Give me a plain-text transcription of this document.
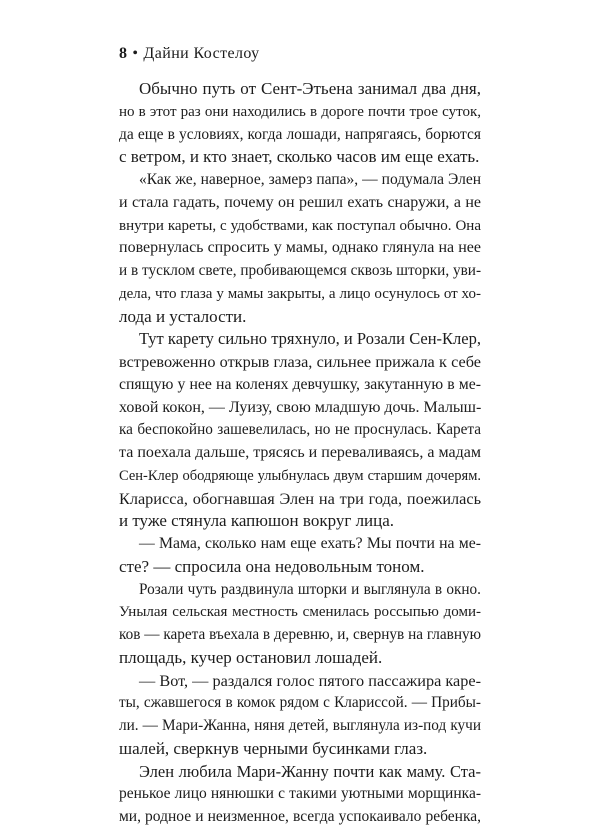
8 • Дайни Костелоу
Обычно путь от Сент-Этьена занимал два дня,
но в этот раз они находились в дороге почти трое суток,
да еще в условиях, когда лошади, напрягаясь, борются
с ветром, и кто знает, сколько часов им еще ехать.
«Как же, наверное, замерз папа», — подумала Элен
и стала гадать, почему он решил ехать снаружи, а не
внутри кареты, с удобствами, как поступал обычно. Она
повернулась спросить у мамы, однако глянула на нее
и в тусклом свете, пробивающемся сквозь шторки, уви-
дела, что глаза у мамы закрыты, а лицо осунулось от хо-
лода и усталости.
Тут карету сильно тряхнуло, и Розали Сен-Клер,
встревоженно открыв глаза, сильнее прижала к себе
спящую у нее на коленях девчушку, закутанную в ме-
ховой кокон, — Луизу, свою младшую дочь. Малыш-
ка беспокойно зашевелилась, но не проснулась. Карета
та поехала дальше, трясясь и переваливаясь, а мадам
Сен-Клер ободряюще улыбнулась двум старшим дочерям.
Кларисса, обогнавшая Элен на три года, поежилась
и туже стянула капюшон вокруг лица.
— Мама, сколько нам еще ехать? Мы почти на ме-
сте? — спросила она недовольным тоном.
Розали чуть раздвинула шторки и выглянула в окно.
Унылая сельская местность сменилась россыпью доми-
ков — карета въехала в деревню, и, свернув на главную
площадь, кучер остановил лошадей.
— Вот, — раздался голос пятого пассажира каре-
ты, сжавшегося в комок рядом с Клариссой. — Прибы-
ли. — Мари-Жанна, няня детей, выглянула из-под кучи
шалей, сверкнув черными бусинками глаз.
Элен любила Мари-Жанну почти как маму. Ста-
ренькое лицо нянюшки с такими уютными морщинка-
ми, родное и неизменное, всегда успокаивало ребенка,
